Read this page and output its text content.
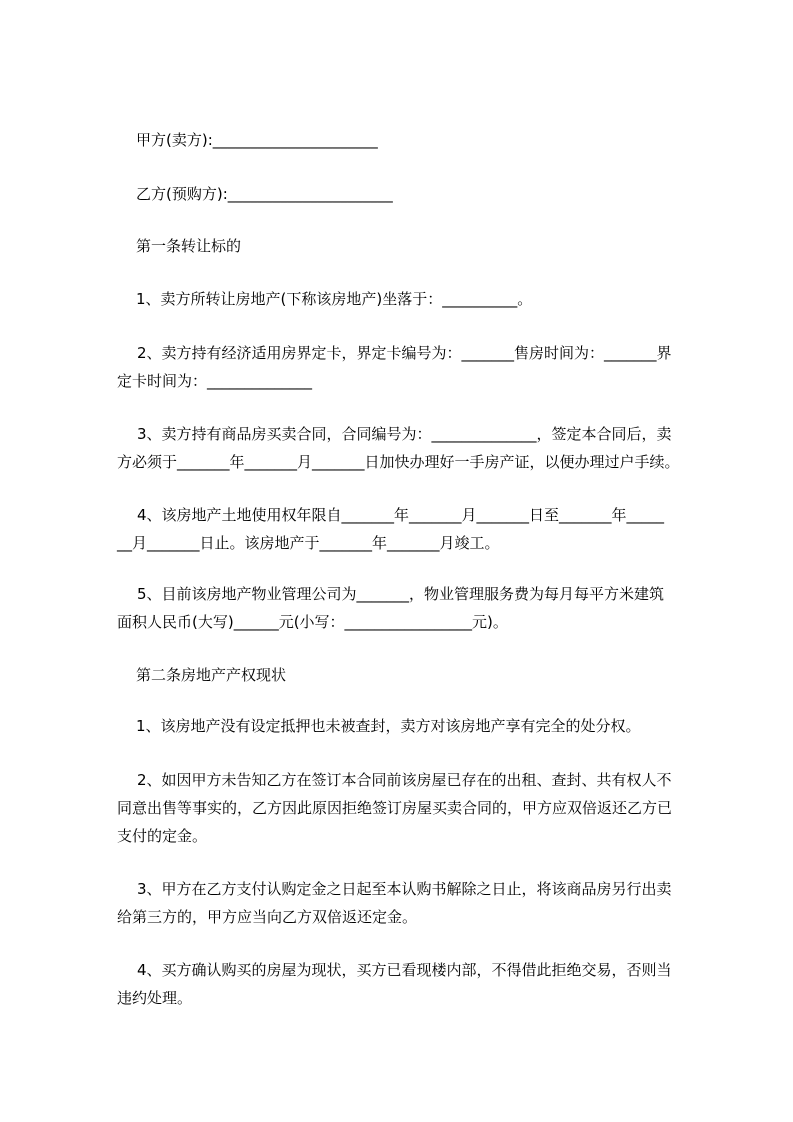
甲方(卖方):______________________
乙方(预购方):______________________
第一条转让标的
1、卖方所转让房地产(下称该房地产)坐落于：__________。
2、卖方持有经济适用房界定卡，界定卡编号为：_______售房时间为：_______界
定卡时间为：______________
3、卖方持有商品房买卖合同，合同编号为：______________，签定本合同后，卖
方必须于_______年_______月_______日加快办理好一手房产证，以便办理过户手续。
4、该房地产土地使用权年限自_______年_______月_______日至_______年_____
__月_______日止。该房地产于_______年_______月竣工。
5、目前该房地产物业管理公司为_______，物业管理服务费为每月每平方米建筑
面积人民币(大写)______元(小写：_________________元)。
第二条房地产产权现状
1、该房地产没有设定抵押也未被查封，卖方对该房地产享有完全的处分权。
2、如因甲方未告知乙方在签订本合同前该房屋已存在的出租、查封、共有权人不
同意出售等事实的，乙方因此原因拒绝签订房屋买卖合同的，甲方应双倍返还乙方已
支付的定金。
3、甲方在乙方支付认购定金之日起至本认购书解除之日止，将该商品房另行出卖
给第三方的，甲方应当向乙方双倍返还定金。
4、买方确认购买的房屋为现状，买方已看现楼内部，不得借此拒绝交易，否则当
违约处理。
